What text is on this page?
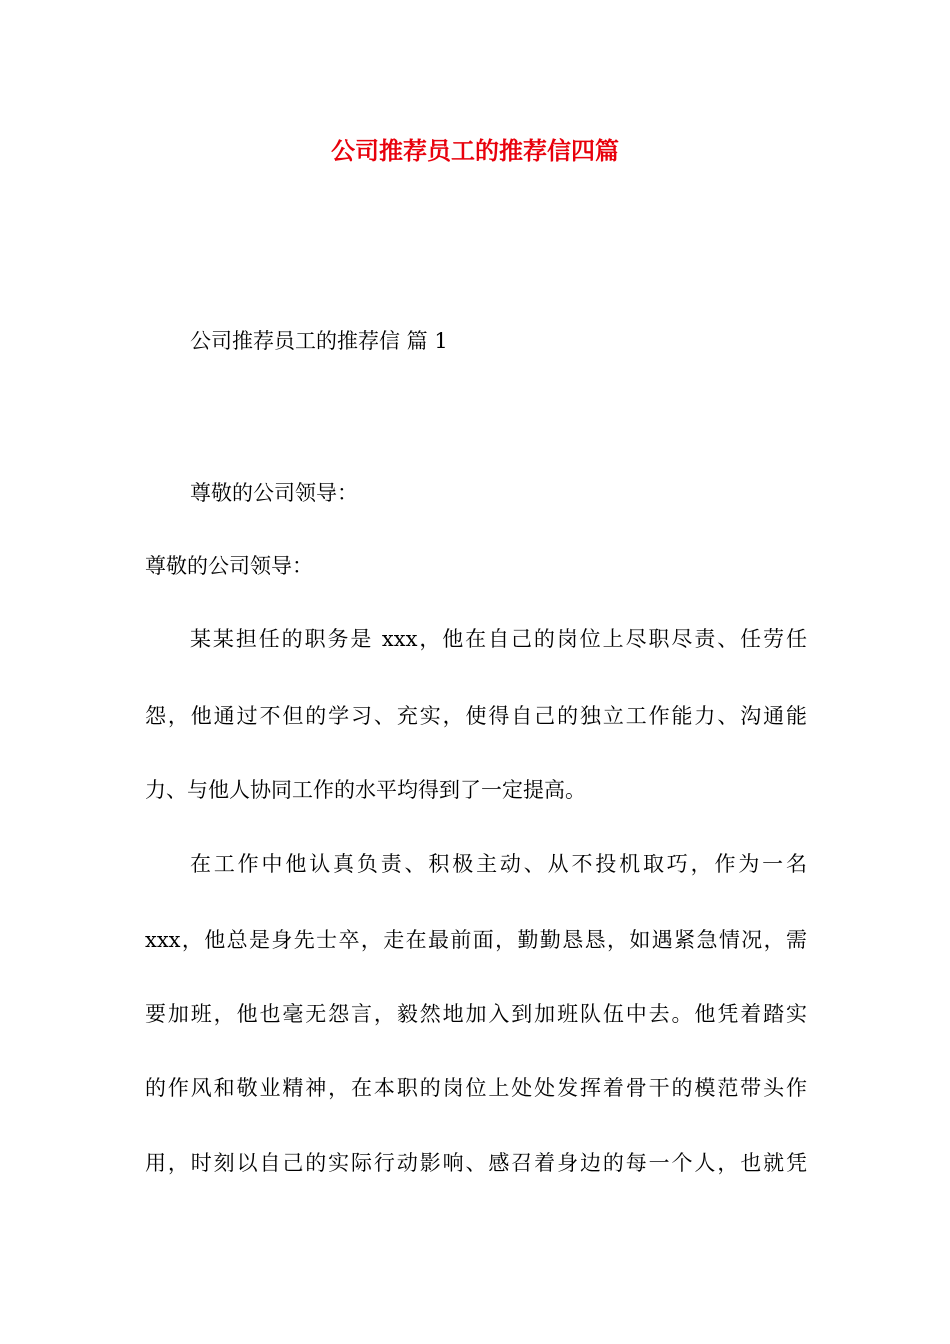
公司推荐员工的推荐信四篇
公司推荐员工的推荐信 篇 1
尊敬的公司领导：
尊敬的公司领导：
某某担任的职务是 xxx，他在自己的岗位上尽职尽责、任劳任
怨，他通过不但的学习、充实，使得自己的独立工作能力、沟通能
力、与他人协同工作的水平均得到了一定提高。
在工作中他认真负责、积极主动、从不投机取巧，作为一名
xxx，他总是身先士卒，走在最前面，勤勤恳恳，如遇紧急情况，需
要加班，他也毫无怨言，毅然地加入到加班队伍中去。他凭着踏实
的作风和敬业精神，在本职的岗位上处处发挥着骨干的模范带头作
用，时刻以自己的实际行动影响、感召着身边的每一个人，也就凭
